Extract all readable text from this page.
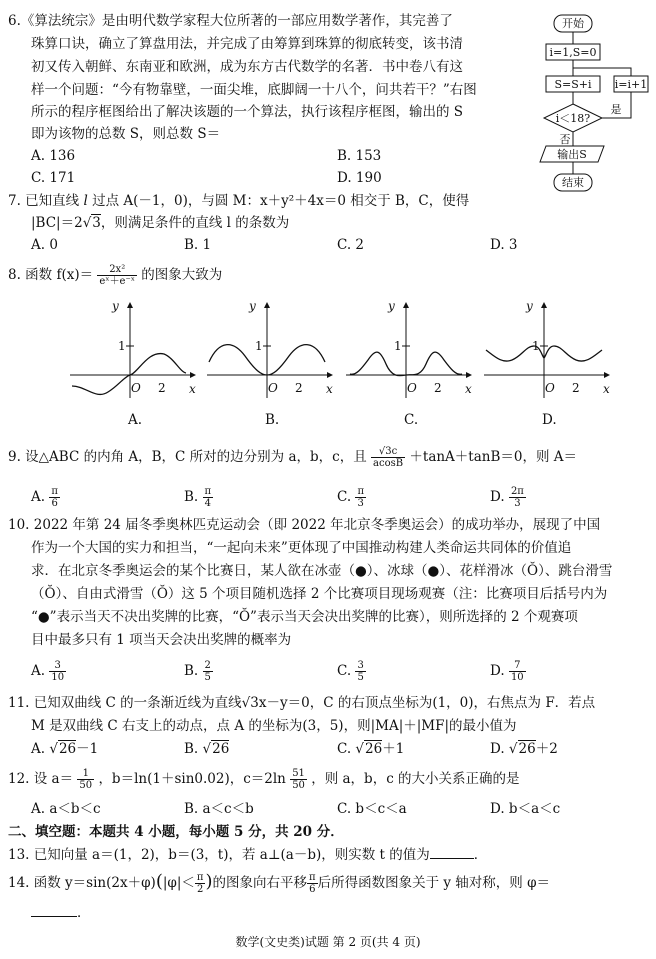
6.《算法统宗》是由明代数学家程大位所著的一部应用数学著作，其完善了
珠算口诀，确立了算盘用法，并完成了由筹算到珠算的彻底转变，该书清
初又传入朝鲜、东南亚和欧洲，成为东方古代数学的名著．书中卷八有这
样一个问题：“今有物靠壁，一面尖堆，底脚阔一十八个，问共若干？”右图
所示的程序框图给出了解决该题的一个算法，执行该程序框图，输出的 S
即为该物的总数 S，则总数 S＝
A. 136	B. 153
C. 171	D. 190
开始
i=1,S=0
S=S+i i=i+1
i＜18?
是
否
输出S
结束
7. 已知直线 l 过点 A(－1，0)，与圆 M：x＋y²＋4x＝0 相交于 B，C，使得
|BC|＝2√3，则满足条件的直线 l 的条数为
A. 0	B. 1	C. 2	D. 3
8. 函数 $f(x)= \frac{\text{2x²}}{\text{eˣ＋e⁻ˣ}}$ 的图象大致为
y
x
O
1
2
A.
y
x
O
1
2
B.
y
x
O
1
2
C.
y
x
O
1
2
D.
9. 设△ABC 的内角 A，B，C 所对的边分别为 a，b，c，且 $\frac{√3c}{acosB} +\tan A+\tan B=0$，则 A＝
A. $\frac{\pi}{6}$	B. $\frac{\pi}{4}$	C. $\frac{\pi}{3}$	D. $\frac{2\pi}{3}$
10. 2022 年第 24 届冬季奥林匹克运动会（即 2022 年北京冬季奥运会）的成功举办，展现了中国
作为一个大国的实力和担当，“一起向未来”更体现了中国推动构建人类命运共同体的价值追
求．在北京冬季奥运会的某个比赛日，某人欲在冰壶（●）、冰球（●）、花样滑冰（Ŏ）、跳台滑雪
（Ŏ）、自由式滑雪（Ŏ）这 5 个项目随机选择 2 个比赛项目现场观赛（注：比赛项目后括号内为
“●”表示当天不决出奖牌的比赛，“Ŏ”表示当天会决出奖牌的比赛），则所选择的 2 个观赛项
目中最多只有 1 项当天会决出奖牌的概率为
A. $\frac{3}{10}$	B. $\frac{2}{5}$	C. $\frac{3}{5}$	D. $\frac{7}{10}$
11. 已知双曲线 C 的一条渐近线为直线√3x－y＝0，C 的右顶点坐标为(1，0)，右焦点为 F．若点
M 是双曲线 C 右支上的动点，点 A 的坐标为(3，5)，则|MA|＋|MF|的最小值为
A. √26－1	B. √26	C. √26＋1	D. √26＋2
12. 设 $a= \frac{1}{50}$ ，b＝ln(1＋sin0.02)，$c=2\ln \frac{51}{50}$ ，则 a，b，c 的大小关系正确的是
A. a＜b＜c	B. a＜c＜b	C. b＜c＜a	D. b＜a＜c
二、填空题：本题共 4 小题，每小题 5 分，共 20 分．
13. 已知向量 a＝(1，2)，b＝(3，t)，若 a⊥(a－b)，则实数 t 的值为	．
14. 函数 $y=\sin(2x+\varphi)(|\varphi|< \frac{\pi}{2}$ )的图象向右平移 $\frac{\pi}{6}$ 后所得函数图象关于 y 轴对称，则 φ＝
．
数学(文史类)试题 第 2 页(共 4 页)
